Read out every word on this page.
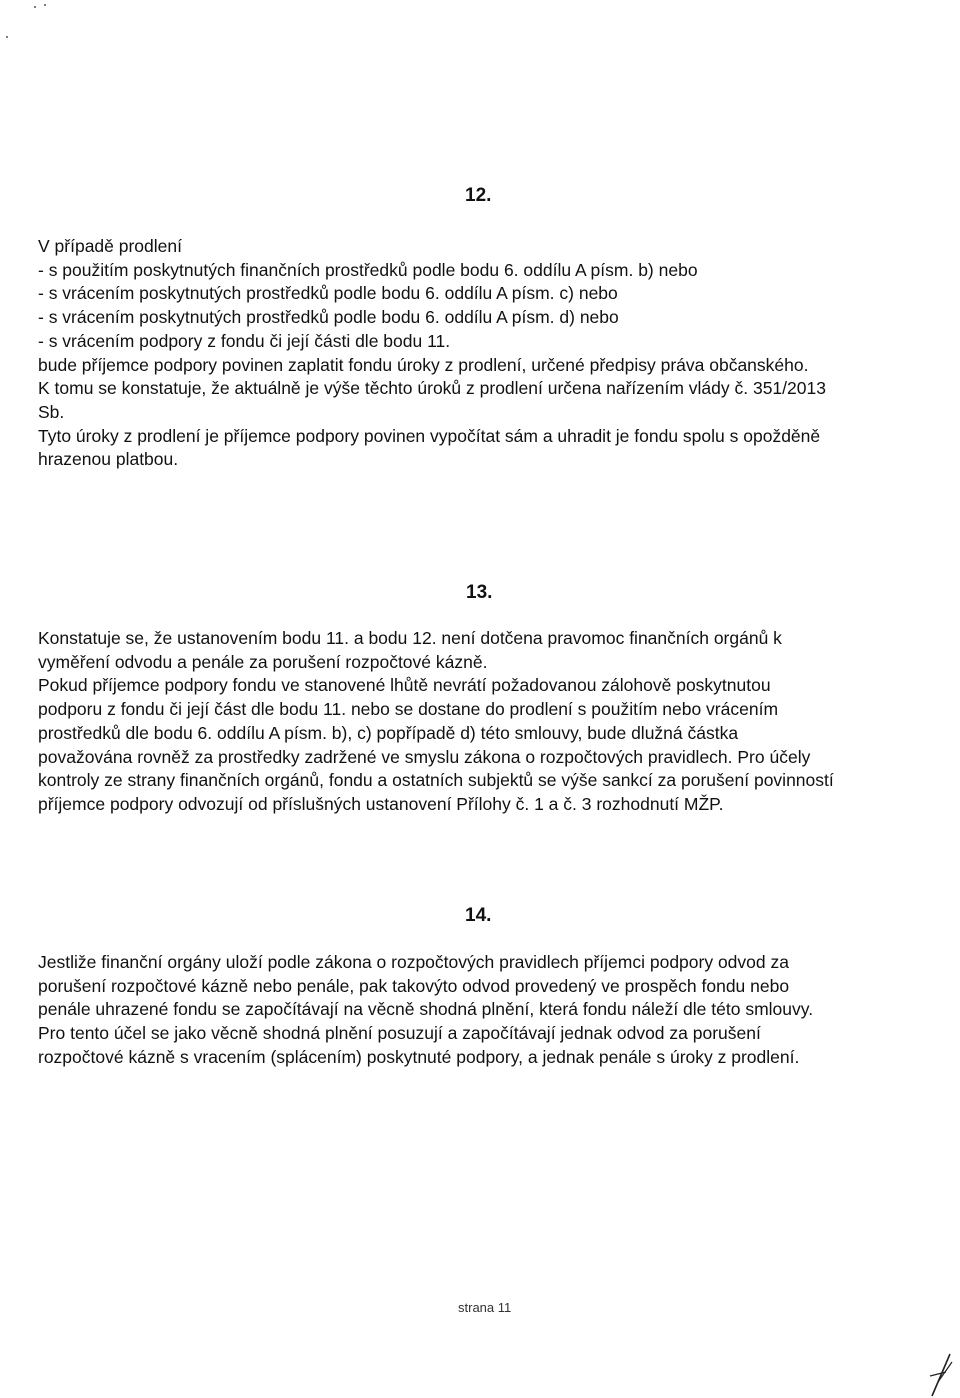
12.
V případě prodlení
- s použitím poskytnutých finančních prostředků podle bodu 6. oddílu A písm. b) nebo
- s vrácením poskytnutých prostředků podle bodu 6. oddílu A písm. c) nebo
- s vrácením poskytnutých prostředků podle bodu 6. oddílu A písm. d) nebo
- s vrácením podpory z fondu či její části dle bodu 11.
bude příjemce podpory povinen zaplatit fondu úroky z prodlení, určené předpisy práva občanského.
K tomu se konstatuje, že aktuálně je výše těchto úroků z prodlení určena nařízením vlády č. 351/2013
Sb.
Tyto úroky z prodlení je příjemce podpory povinen vypočítat sám a uhradit je fondu spolu s opožděně
hrazenou platbou.
13.
Konstatuje se, že ustanovením bodu 11. a bodu 12. není dotčena pravomoc finančních orgánů k
vyměření odvodu a penále za porušení rozpočtové kázně.
Pokud příjemce podpory fondu ve stanovené lhůtě nevrátí požadovanou zálohově poskytnutou
podporu z fondu či její část dle bodu 11. nebo se dostane do prodlení s použitím nebo vrácením
prostředků dle bodu 6. oddílu A písm. b), c) popřípadě d) této smlouvy, bude dlužná částka
považována rovněž za prostředky zadržené ve smyslu zákona o rozpočtových pravidlech. Pro účely
kontroly ze strany finančních orgánů, fondu a ostatních subjektů se výše sankcí za porušení povinností
příjemce podpory odvozují od příslušných ustanovení Přílohy č. 1 a č. 3 rozhodnutí MŽP.
14.
Jestliže finanční orgány uloží podle zákona o rozpočtových pravidlech příjemci podpory odvod za
porušení rozpočtové kázně nebo penále, pak takovýto odvod provedený ve prospěch fondu nebo
penále uhrazené fondu se započítávají na věcně shodná plnění, která fondu náleží dle této smlouvy.
Pro tento účel se jako věcně shodná plnění posuzují a započítávají jednak odvod za porušení
rozpočtové kázně s vracením (splácením) poskytnuté podpory, a jednak penále s úroky z prodlení.
strana 11
